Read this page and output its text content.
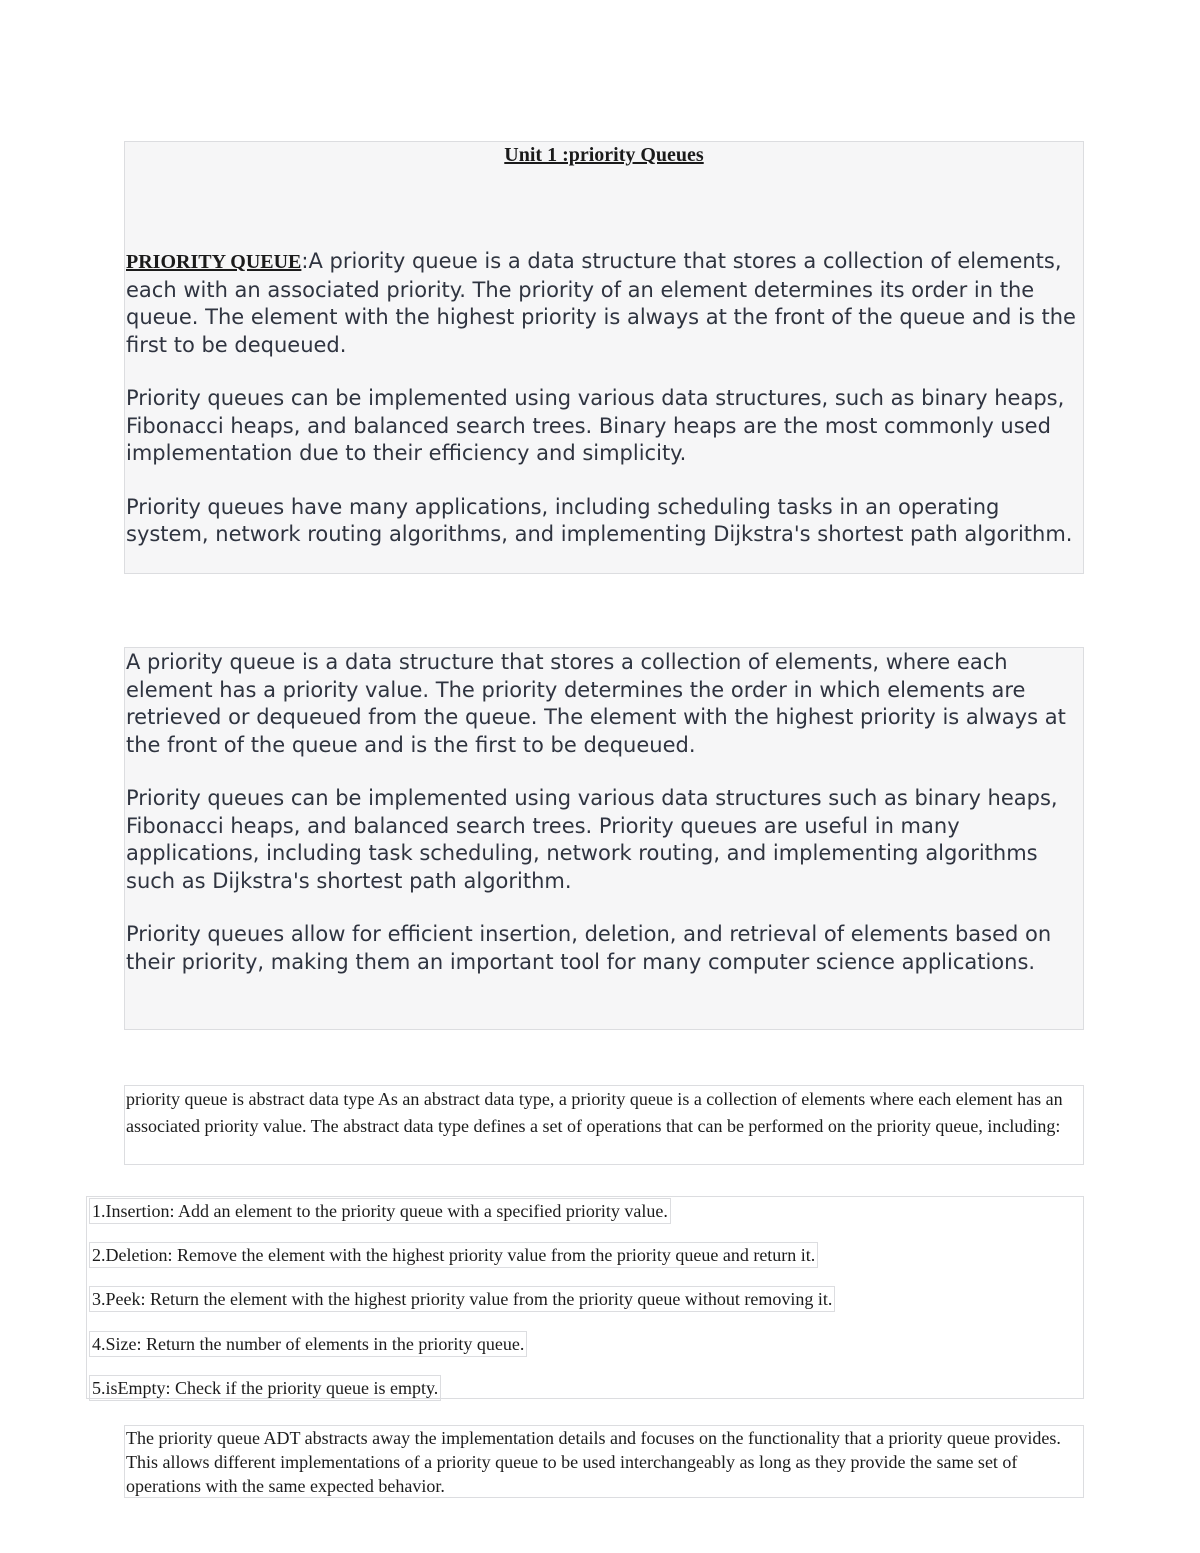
Unit 1 :priority Queues

PRIORITY QUEUE:A priority queue is a data structure that stores a collection of elements, each with an associated priority. The priority of an element determines its order in the queue. The element with the highest priority is always at the front of the queue and is the first to be dequeued.

Priority queues can be implemented using various data structures, such as binary heaps, Fibonacci heaps, and balanced search trees. Binary heaps are the most commonly used implementation due to their efficiency and simplicity.

Priority queues have many applications, including scheduling tasks in an operating system, network routing algorithms, and implementing Dijkstra's shortest path algorithm.

A priority queue is a data structure that stores a collection of elements, where each element has a priority value. The priority determines the order in which elements are retrieved or dequeued from the queue. The element with the highest priority is always at the front of the queue and is the first to be dequeued.

Priority queues can be implemented using various data structures such as binary heaps, Fibonacci heaps, and balanced search trees. Priority queues are useful in many applications, including task scheduling, network routing, and implementing algorithms such as Dijkstra's shortest path algorithm.

Priority queues allow for efficient insertion, deletion, and retrieval of elements based on their priority, making them an important tool for many computer science applications.

priority queue is abstract data type As an abstract data type, a priority queue is a collection of elements where each element has an associated priority value. The abstract data type defines a set of operations that can be performed on the priority queue, including:
1.Insertion: Add an element to the priority queue with a specified priority value.
2.Deletion: Remove the element with the highest priority value from the priority queue and return it.
3.Peek: Return the element with the highest priority value from the priority queue without removing it.
4.Size: Return the number of elements in the priority queue.
5.isEmpty: Check if the priority queue is empty.
The priority queue ADT abstracts away the implementation details and focuses on the functionality that a priority queue provides. This allows different implementations of a priority queue to be used interchangeably as long as they provide the same set of operations with the same expected behavior.
